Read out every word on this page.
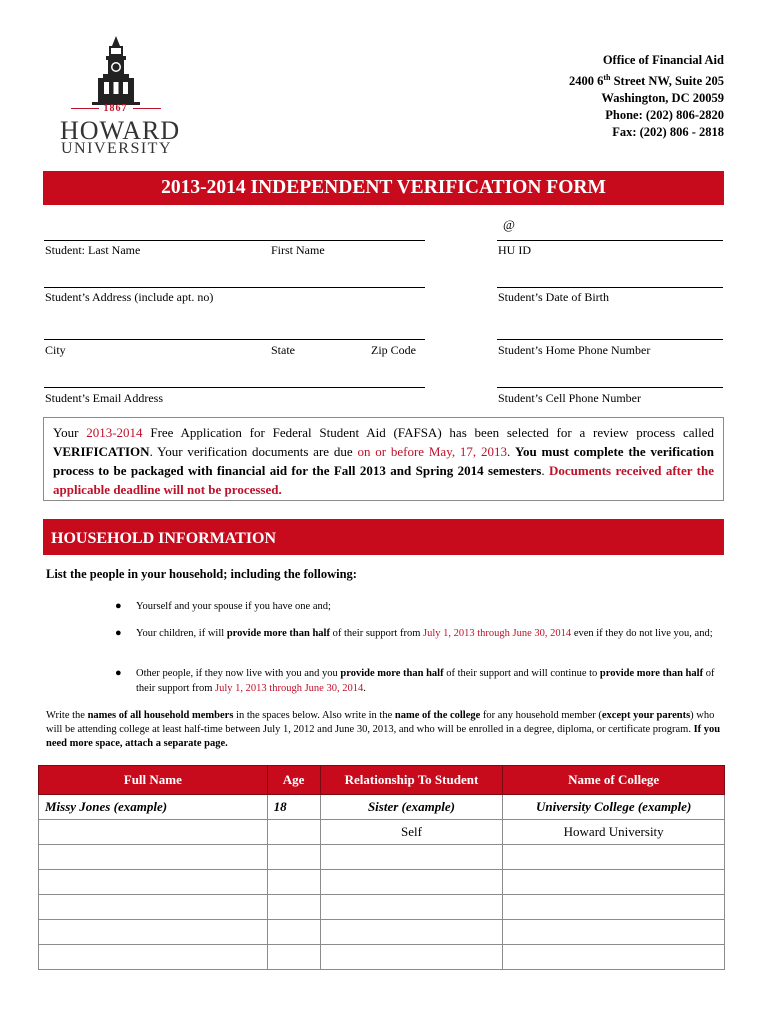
1867
HOWARD
UNIVERSITY
Office of Financial Aid
2400 6th Street NW, Suite 205
Washington, DC 20059
Phone: (202) 806-2820
Fax: (202) 806 - 2818
2013-2014 INDEPENDENT VERIFICATION FORM
@
Student: Last Name	First Name	HU ID
Student’s Address (include apt. no)	Student’s Date of Birth
City	State	Zip Code	Student’s Home Phone Number
Student’s Email Address	Student’s Cell Phone Number
Your 2013-2014 Free Application for Federal Student Aid (FAFSA) has been selected for a review process called VERIFICATION. Your verification documents are due on or before May, 17, 2013. You must complete the verification process to be packaged with financial aid for the Fall 2013 and Spring 2014 semesters. Documents received after the applicable deadline will not be processed.
HOUSEHOLD INFORMATION
List the people in your household; including the following:
● Yourself and your spouse if you have one and;
● Your children, if will provide more than half of their support from July 1, 2013 through June 30, 2014 even if they do not live you, and;
● Other people, if they now live with you and you provide more than half of their support and will continue to provide more than half of their support from July 1, 2013 through June 30, 2014.
Write the names of all household members in the spaces below. Also write in the name of the college for any household member (except your parents) who will be attending college at least half-time between July 1, 2012 and June 30, 2013, and who will be enrolled in a degree, diploma, or certificate program. If you need more space, attach a separate page.
Full Name	Age	Relationship To Student	Name of College
Missy Jones (example)	18	Sister (example)	University College (example)
		Self	Howard University
